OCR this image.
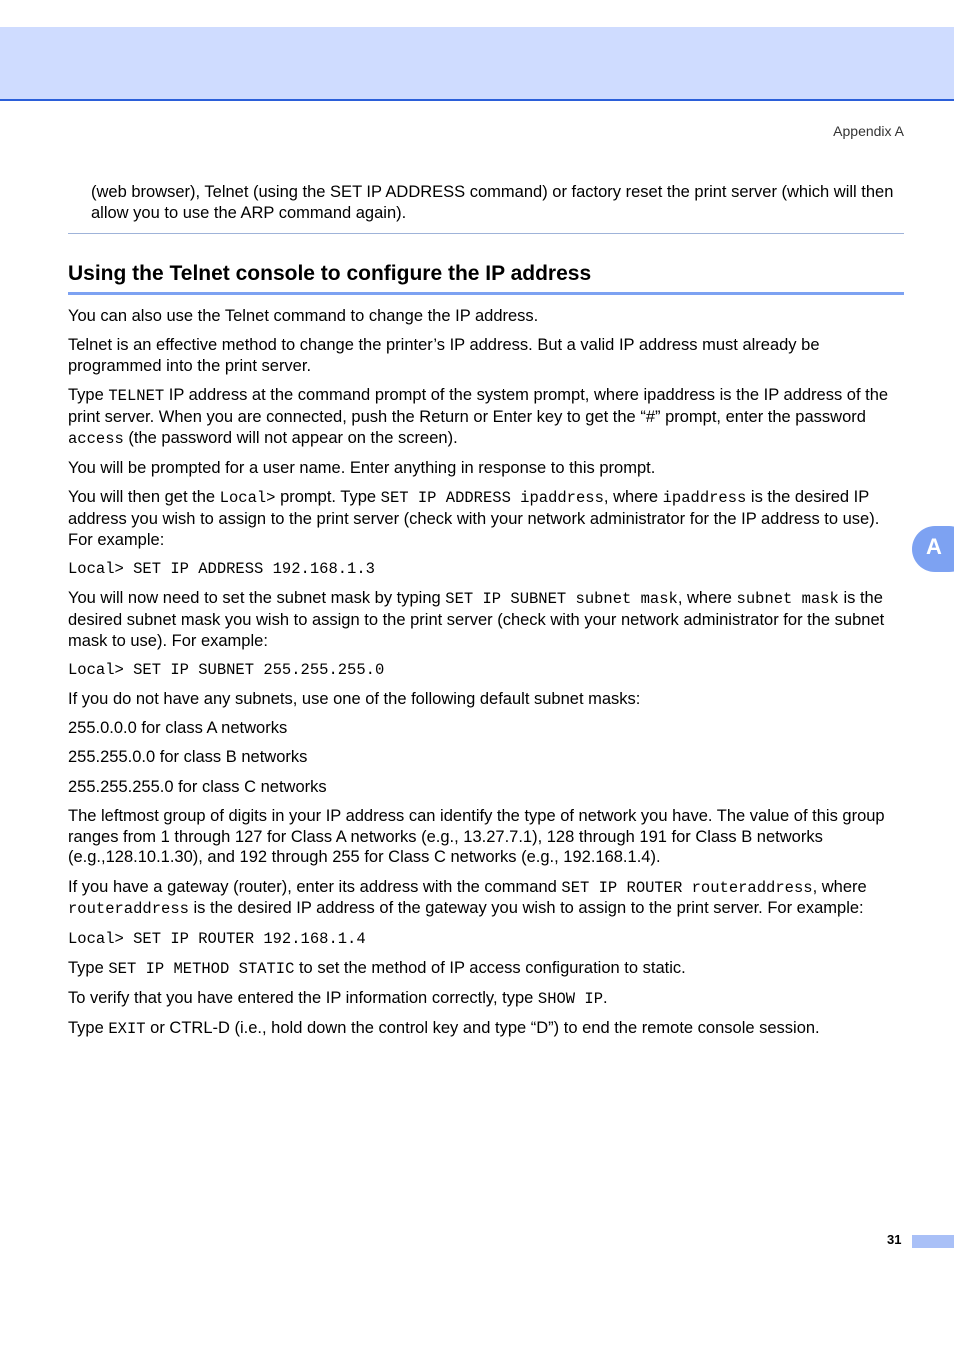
Appendix A

(web browser), Telnet (using the SET IP ADDRESS command) or factory reset the print server (which will then allow you to use the ARP command again).

Using the Telnet console to configure the IP address

You can also use the Telnet command to change the IP address.

Telnet is an effective method to change the printer’s IP address. But a valid IP address must already be programmed into the print server.

Type TELNET IP address at the command prompt of the system prompt, where ipaddress is the IP address of the print server. When you are connected, push the Return or Enter key to get the “#” prompt, enter the password access (the password will not appear on the screen).

You will be prompted for a user name. Enter anything in response to this prompt.

You will then get the Local> prompt. Type SET IP ADDRESS ipaddress, where ipaddress is the desired IP address you wish to assign to the print server (check with your network administrator for the IP address to use). For example:

Local> SET IP ADDRESS 192.168.1.3

You will now need to set the subnet mask by typing SET IP SUBNET subnet mask, where subnet mask is the desired subnet mask you wish to assign to the print server (check with your network administrator for the subnet mask to use). For example:

Local> SET IP SUBNET 255.255.255.0

If you do not have any subnets, use one of the following default subnet masks:

255.0.0.0 for class A networks

255.255.0.0 for class B networks

255.255.255.0 for class C networks

The leftmost group of digits in your IP address can identify the type of network you have. The value of this group ranges from 1 through 127 for Class A networks (e.g., 13.27.7.1), 128 through 191 for Class B networks (e.g.,128.10.1.30), and 192 through 255 for Class C networks (e.g., 192.168.1.4).

If you have a gateway (router), enter its address with the command SET IP ROUTER routeraddress, where routeraddress is the desired IP address of the gateway you wish to assign to the print server. For example:

Local> SET IP ROUTER 192.168.1.4

Type SET IP METHOD STATIC to set the method of IP access configuration to static.

To verify that you have entered the IP information correctly, type SHOW IP.

Type EXIT or CTRL-D (i.e., hold down the control key and type “D”) to end the remote console session.

A
31
